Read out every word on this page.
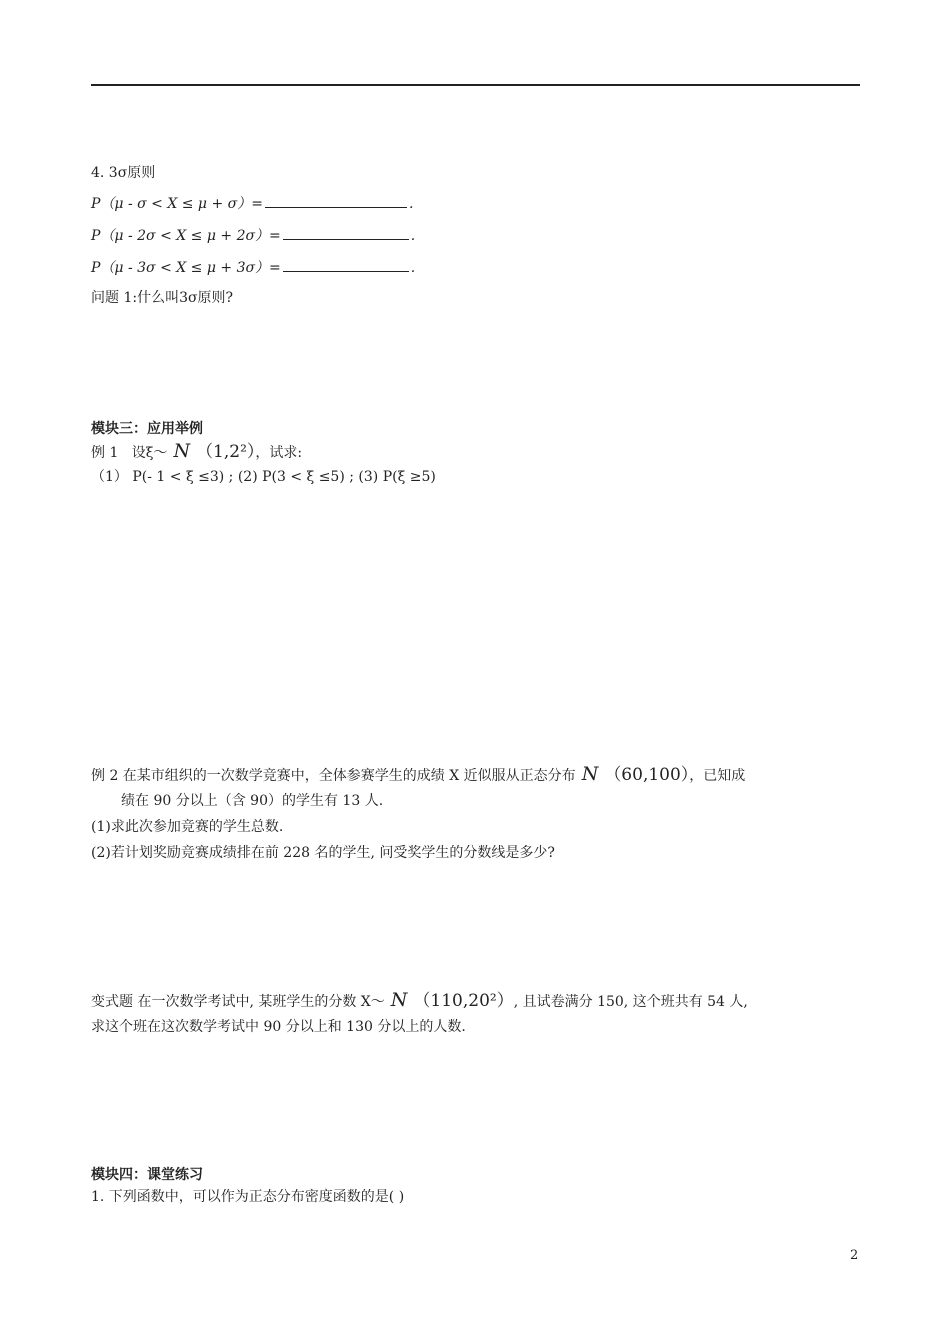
4. 3σ原则
P（μ - σ < X ≤ μ + σ）=	.
P（μ - 2σ < X ≤ μ + 2σ）=	.
P（μ - 3σ < X ≤ μ + 3σ）=	.
问题 1:什么叫3σ原则?
模块三：应用举例
例 1 设ξ～ N （1,2²），试求:
（1） P(- 1 < ξ ≤3) ; (2) P(3 < ξ ≤5) ; (3) P(ξ ≥5)
例 2 在某市组织的一次数学竞赛中，全体参赛学生的成绩 X 近似服从正态分布 N （60,100），已知成
绩在 90 分以上（含 90）的学生有 13 人.
(1)求此次参加竞赛的学生总数.
(2)若计划奖励竞赛成绩排在前 228 名的学生, 问受奖学生的分数线是多少?
变式题 在一次数学考试中, 某班学生的分数 X～ N （110,20²）, 且试卷满分 150, 这个班共有 54 人,
求这个班在这次数学考试中 90 分以上和 130 分以上的人数.
模块四：课堂练习
1. 下列函数中，可以作为正态分布密度函数的是( )
2
